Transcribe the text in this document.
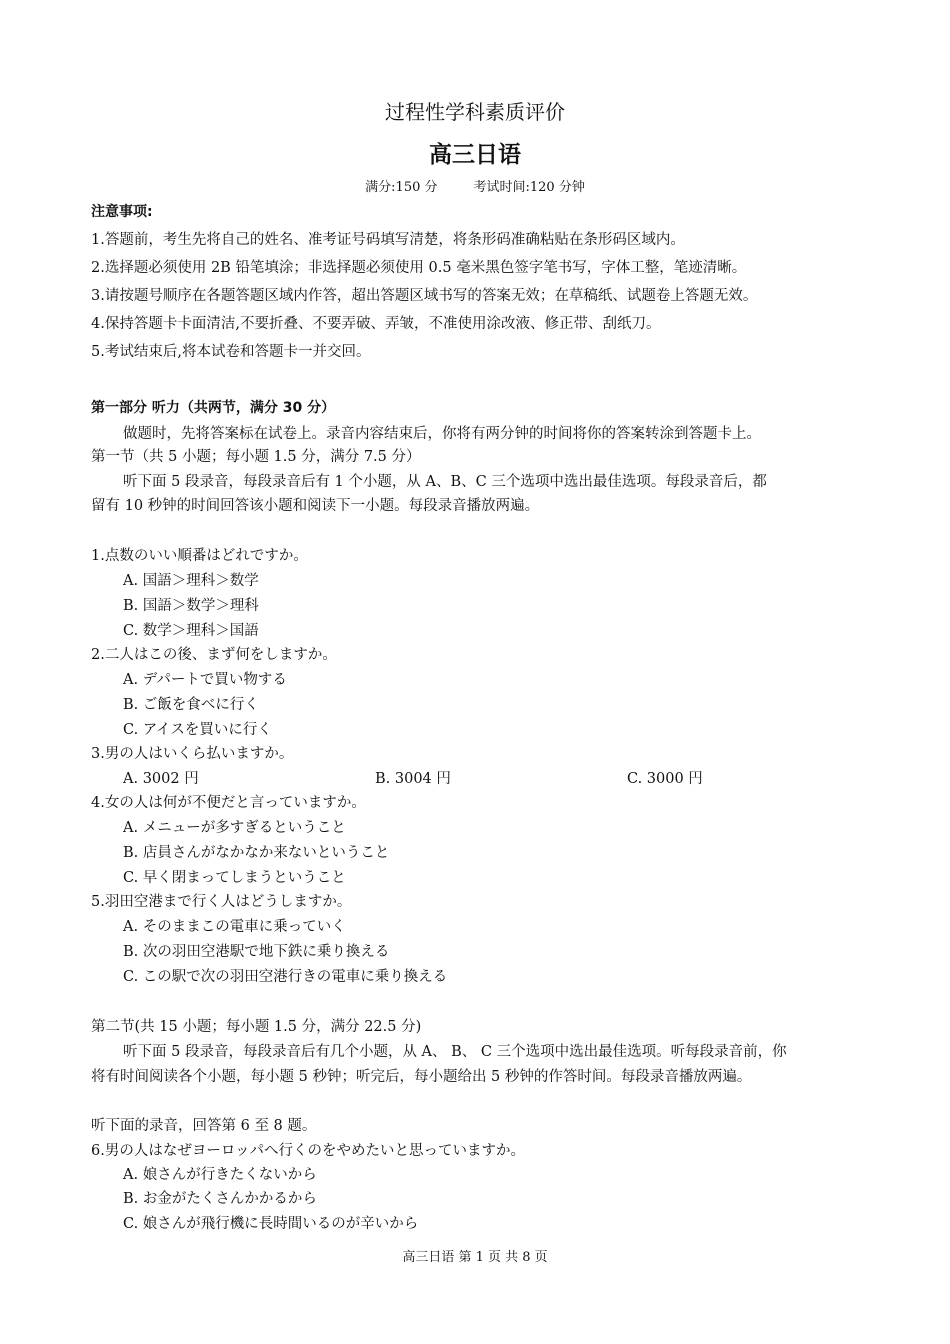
过程性学科素质评价
高三日语
满分:150 分	考试时间:120 分钟
注意事项:
1.答题前，考生先将自己的姓名、准考证号码填写清楚，将条形码准确粘贴在条形码区域内。
2.选择题必须使用 2B 铅笔填涂；非选择题必须使用 0.5 毫米黑色签字笔书写，字体工整，笔迹清晰。
3.请按题号顺序在各题答题区域内作答，超出答题区域书写的答案无效；在草稿纸、试题卷上答题无效。
4.保持答题卡卡面清洁,不要折叠、不要弄破、弄皱，不准使用涂改液、修正带、刮纸刀。
5.考试结束后,将本试卷和答题卡一并交回。
第一部分 听力（共两节，满分 30 分）
做题时，先将答案标在试卷上。录音内容结束后，你将有两分钟的时间将你的答案转涂到答题卡上。
第一节（共 5 小题；每小题 1.5 分，满分 7.5 分）
听下面 5 段录音，每段录音后有 1 个小题，从 A、B、C 三个选项中选出最佳选项。每段录音后，都
留有 10 秒钟的时间回答该小题和阅读下一小题。每段录音播放两遍。
1.点数のいい順番はどれですか。
A. 国語＞理科＞数学
B. 国語＞数学＞理科
C. 数学＞理科＞国語
2.二人はこの後、まず何をしますか。
A. デパートで買い物する
B. ご飯を食べに行く
C. アイスを買いに行く
3.男の人はいくら払いますか。
A. 3002 円	B. 3004 円	C. 3000 円
4.女の人は何が不便だと言っていますか。
A. メニューが多すぎるということ
B. 店員さんがなかなか来ないということ
C. 早く閉まってしまうということ
5.羽田空港まで行く人はどうしますか。
A. そのままこの電車に乗っていく
B. 次の羽田空港駅で地下鉄に乗り換える
C. この駅で次の羽田空港行きの電車に乗り換える
第二节(共 15 小题；每小题 1.5 分，满分 22.5 分)
听下面 5 段录音，每段录音后有几个小题，从 A、 B、 C 三个选项中选出最佳选项。听每段录音前，你
将有时间阅读各个小题，每小题 5 秒钟；听完后，每小题给出 5 秒钟的作答时间。每段录音播放两遍。
听下面的录音，回答第 6 至 8 题。
6.男の人はなぜヨーロッパへ行くのをやめたいと思っていますか。
A. 娘さんが行きたくないから
B. お金がたくさんかかるから
C. 娘さんが飛行機に長時間いるのが辛いから
高三日语 第 1 页 共 8 页
